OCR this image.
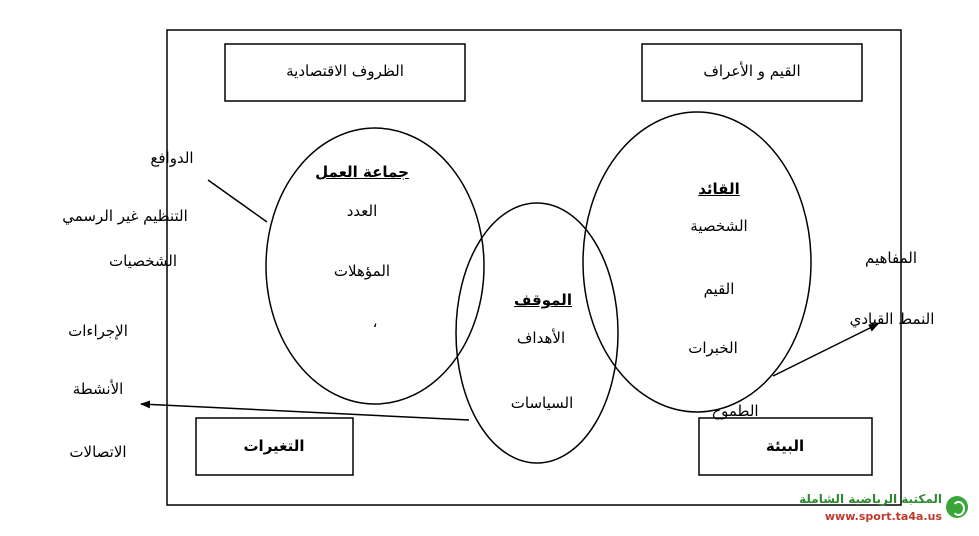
الظروف الاقتصادية	القيم و الأعراف
التغيرات	البيئة
جماعة العمل
العدد
المؤهلات
،
القائد
الشخصية
القيم
الخبرات
الطموح
الموقف
الأهداف
السياسات
الدوافع
التنظيم غير الرسمي
الشخصيات
الإجراءات
الأنشطة
الاتصالات
المفاهيم
النمط القيادي
المكتبة الرياضية الشاملة
www.sport.ta4a.us
